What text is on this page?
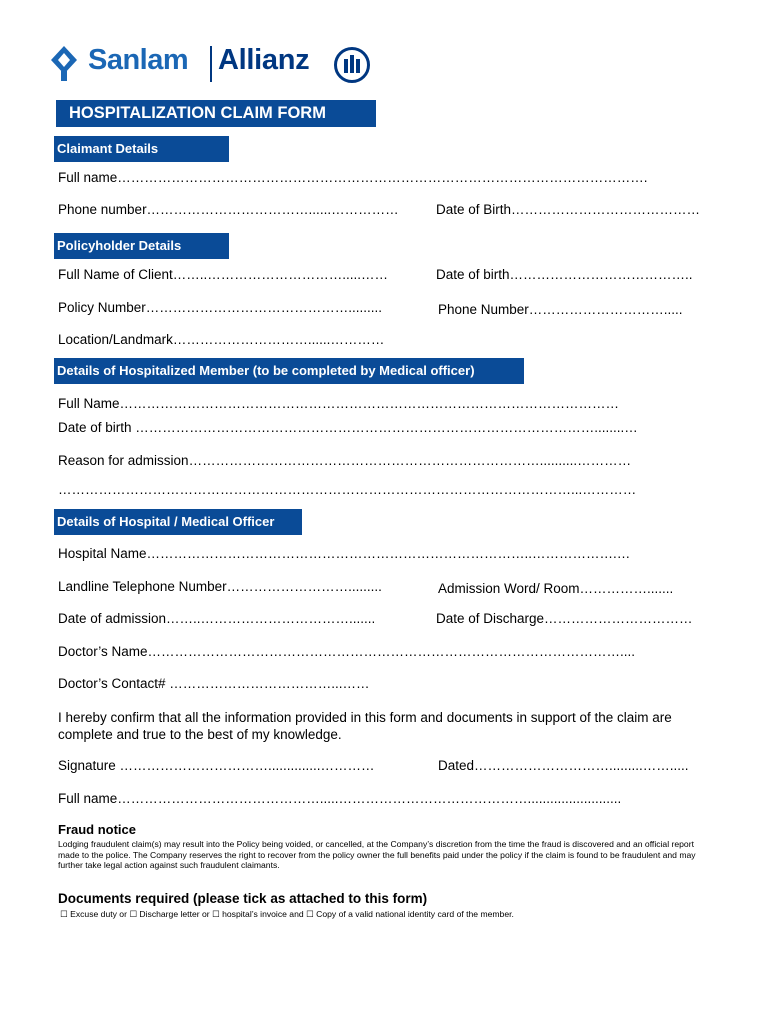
Sanlam Allianz
HOSPITALIZATION CLAIM FORM
Claimant Details
Full name……………………………………………………………………………………………………….
Phone number………………………………......……………	Date of Birth……………………………………
Policyholder Details
Full Name of Client……..………………………….....……	Date of birth…………………………………..
Policy Number……………………………………….........	Phone Number………………………….....
Location/Landmark…………………………......…………
Details of Hospitalized Member (to be completed by Medical officer)
Full Name…………………………………………………………………………………………………
Date of birth …………………………………………………………………………………………........…
Reason for admission……………………………………………………………………..........…………
……………………………………………………………………………………………………...…………
Details of Hospital / Medical Officer
Hospital Name…………………………………………………………………………..……………….…
Landline Telephone Number……………………….........	Admission Word/ Room…………….......
Date of admission……..…………………………….......	Date of Discharge……………………………
Doctor’s Name……………………………………………………………………………………………....
Doctor’s Contact# ………………………………...……
I hereby confirm that all the information provided in this form and documents in support of the claim are complete and true to the best of my knowledge.
Signature ……………………………..............…………	Dated………………………….........…….....
Full name……………………………………….....…………………………………….........................
Fraud notice
Lodging fraudulent claim(s) may result into the Policy being voided, or cancelled, at the Company’s discretion from the time the fraud is discovered and an official report made to the police. The Company reserves the right to recover from the policy owner the full benefits paid under the policy if the claim is found to be fraudulent and may further take legal action against such fraudulent claimants.
Documents required (please tick as attached to this form)
☐ Excuse duty or ☐ Discharge letter or ☐ hospital’s invoice and ☐ Copy of a valid national identity card of the member.
